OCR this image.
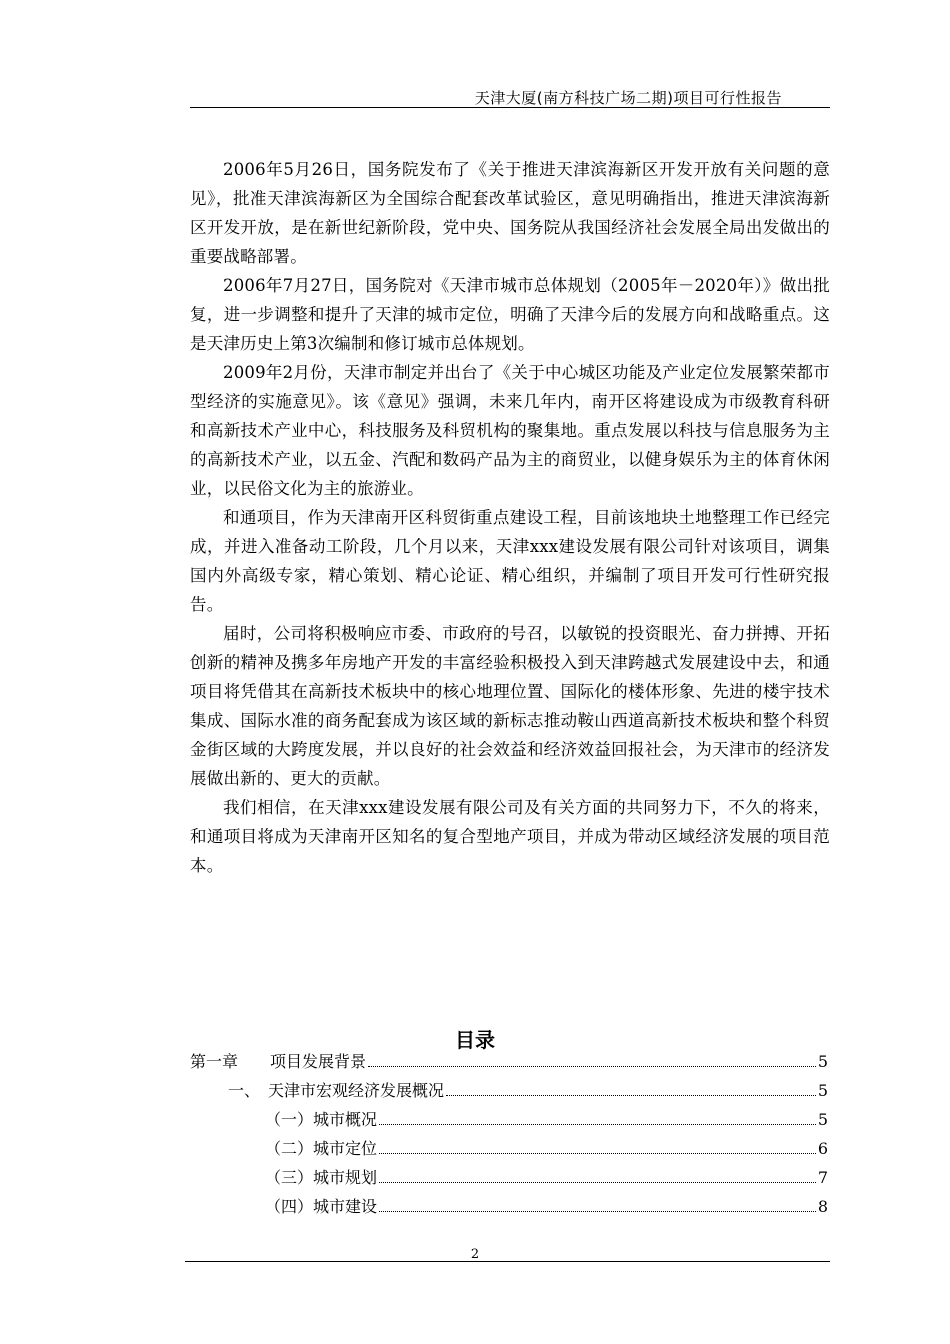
天津大厦(南方科技广场二期)项目可行性报告

2006年5月26日，国务院发布了《关于推进天津滨海新区开发开放有关问题的意见》，批准天津滨海新区为全国综合配套改革试验区，意见明确指出，推进天津滨海新区开发开放，是在新世纪新阶段，党中央、国务院从我国经济社会发展全局出发做出的重要战略部署。

2006年7月27日，国务院对《天津市城市总体规划（2005年－2020年）》做出批复，进一步调整和提升了天津的城市定位，明确了天津今后的发展方向和战略重点。这是天津历史上第3次编制和修订城市总体规划。

2009年2月份，天津市制定并出台了《关于中心城区功能及产业定位发展繁荣都市型经济的实施意见》。该《意见》强调，未来几年内，南开区将建设成为市级教育科研和高新技术产业中心，科技服务及科贸机构的聚集地。重点发展以科技与信息服务为主的高新技术产业，以五金、汽配和数码产品为主的商贸业，以健身娱乐为主的体育休闲业，以民俗文化为主的旅游业。

和通项目，作为天津南开区科贸街重点建设工程，目前该地块土地整理工作已经完成，并进入准备动工阶段，几个月以来，天津xxx建设发展有限公司针对该项目，调集国内外高级专家，精心策划、精心论证、精心组织，并编制了项目开发可行性研究报告。

届时，公司将积极响应市委、市政府的号召，以敏锐的投资眼光、奋力拼搏、开拓创新的精神及携多年房地产开发的丰富经验积极投入到天津跨越式发展建设中去，和通项目将凭借其在高新技术板块中的核心地理位置、国际化的楼体形象、先进的楼宇技术集成、国际水准的商务配套成为该区域的新标志推动鞍山西道高新技术板块和整个科贸金街区域的大跨度发展，并以良好的社会效益和经济效益回报社会，为天津市的经济发展做出新的、更大的贡献。

我们相信，在天津xxx建设发展有限公司及有关方面的共同努力下，不久的将来，和通项目将成为天津南开区知名的复合型地产项目，并成为带动区域经济发展的项目范本。

目录
第一章 项目发展背景	5
一、 天津市宏观经济发展概况	5
（一）城市概况	5
（二）城市定位	6
（三）城市规划	7
（四）城市建设	8
2
